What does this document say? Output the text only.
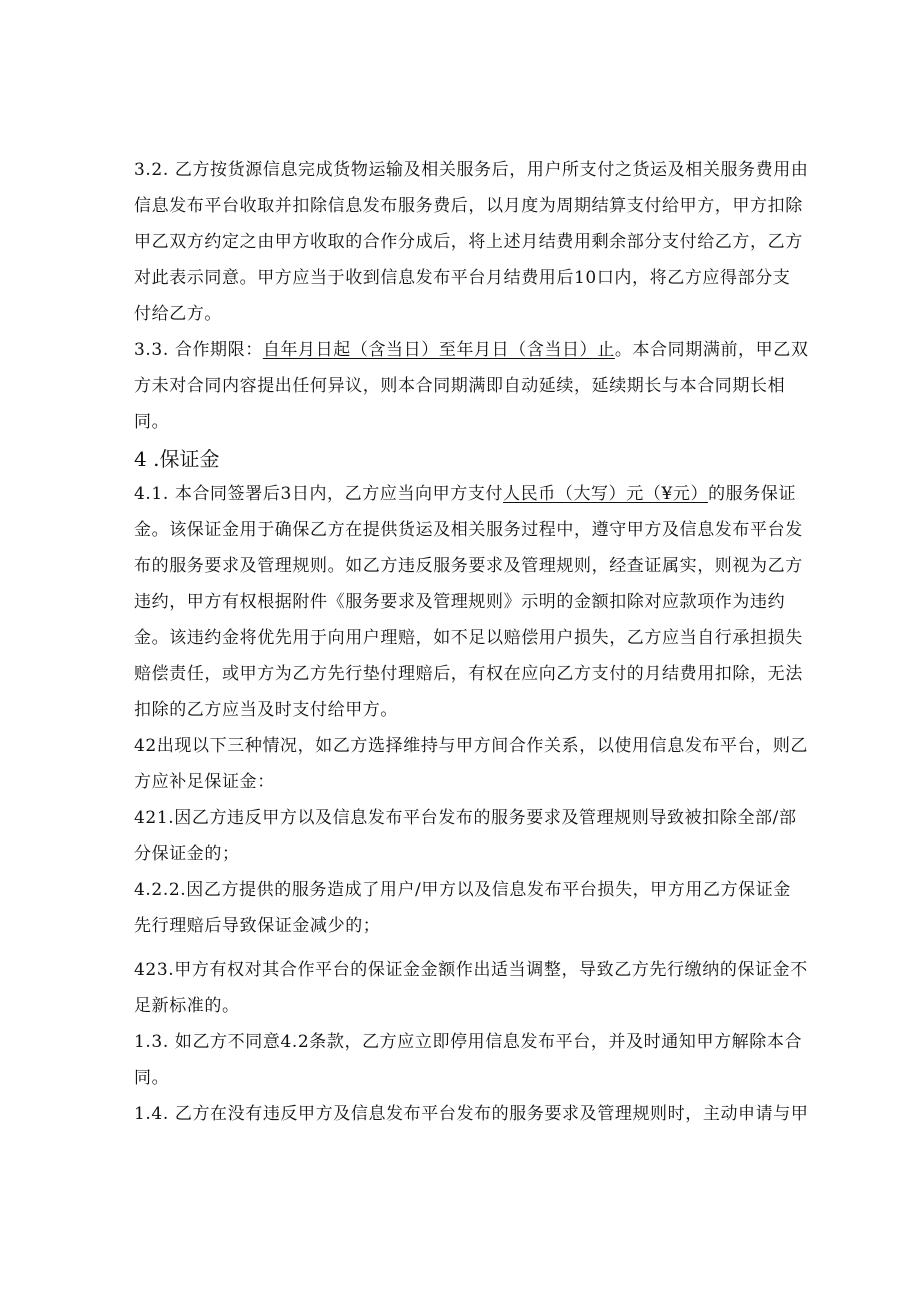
3.2. 乙方按货源信息完成货物运输及相关服务后，用户所支付之货运及相关服务费用由
信息发布平台收取并扣除信息发布服务费后，以月度为周期结算支付给甲方，甲方扣除
甲乙双方约定之由甲方收取的合作分成后，将上述月结费用剩余部分支付给乙方，乙方
对此表示同意。甲方应当于收到信息发布平台月结费用后10口内，将乙方应得部分支
付给乙方。
3.3. 合作期限：自年月日起（含当日）至年月日（含当日）止。本合同期满前，甲乙双
方未对合同内容提出任何异议，则本合同期满即自动延续，延续期长与本合同期长相
同。
4 .保证金
4.1. 本合同签署后3日内，乙方应当向甲方支付人民币（大写）元（¥元）的服务保证
金。该保证金用于确保乙方在提供货运及相关服务过程中，遵守甲方及信息发布平台发
布的服务要求及管理规则。如乙方违反服务要求及管理规则，经查证属实，则视为乙方
违约，甲方有权根据附件《服务要求及管理规则》示明的金额扣除对应款项作为违约
金。该违约金将优先用于向用户理赔，如不足以赔偿用户损失，乙方应当自行承担损失
赔偿责任，或甲方为乙方先行垫付理赔后，有权在应向乙方支付的月结费用扣除，无法
扣除的乙方应当及时支付给甲方。
42出现以下三种情况，如乙方选择维持与甲方间合作关系，以使用信息发布平台，则乙
方应补足保证金：
421.因乙方违反甲方以及信息发布平台发布的服务要求及管理规则导致被扣除全部/部
分保证金的；
4.2.2.因乙方提供的服务造成了用户/甲方以及信息发布平台损失，甲方用乙方保证金
先行理赔后导致保证金减少的；
423.甲方有权对其合作平台的保证金金额作出适当调整，导致乙方先行缴纳的保证金不
足新标准的。
1.3. 如乙方不同意4.2条款，乙方应立即停用信息发布平台，并及时通知甲方解除本合
同。
1.4. 乙方在没有违反甲方及信息发布平台发布的服务要求及管理规则时，主动申请与甲
